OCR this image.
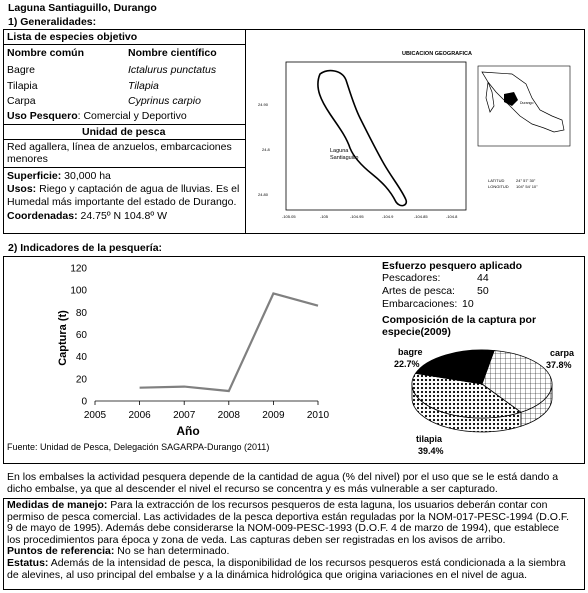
Laguna Santiaguillo, Durango
1) Generalidades:
Lista de especies objetivo
Nombre común	Nombre científico
Bagre	Ictalurus punctatus
Tilapia	Tilapia
Carpa	Cyprinus carpio
Uso Pesquero: Comercial y Deportivo
Unidad de pesca
Red agallera, línea de anzuelos, embarcaciones
menores
Superficie: 30,000 ha
Usos: Riego y captación de agua de lluvias. Es el
Humedal más importante del estado de Durango.
Coordenadas: 24.75º N 104.8º W
UBICACION GEOGRAFICA
Laguna
Santiaguillo
24.90
24.8
24.80
-105.05	-105	-104.95	-104.9	-104.85	-104.8
Durango
LATITUD	24° 57' 30"
LONGITUD 104° 54' 10"
2) Indicadores de la pesquería:
0
20
40
60
80
100
120
2005 2006 2007 2008 2009 2010
Año
Captura (t)
Fuente: Unidad de Pesca, Delegación SAGARPA-Durango (2011)
Esfuerzo pesquero aplicado
Pescadores:	44
Artes de pesca: 50
Embarcaciones: 10
Composición de la captura por
especie(2009)
carpa
37.8%
tilapia
39.4%
bagre
22.7%
En los embalses la actividad pesquera depende de la cantidad de agua (% del nivel) por el uso que se le está dando a
dicho embalse, ya que al descender el nivel el recurso se concentra y es más vulnerable a ser capturado.
Medidas de manejo: Para la extracción de los recursos pesqueros de esta laguna, los usuarios deberán contar con
permiso de pesca comercial. Las actividades de la pesca deportiva están reguladas por la NOM-017-PESC-1994 (D.O.F.
9 de mayo de 1995). Además debe considerarse la NOM-009-PESC-1993 (D.O.F. 4 de marzo de 1994), que establece
los procedimientos para época y zona de veda. Las capturas deben ser registradas en los avisos de arribo.
Puntos de referencia: No se han determinado.
Estatus: Además de la intensidad de pesca, la disponibilidad de los recursos pesqueros está condicionada a la siembra
de alevines, al uso principal del embalse y a la dinámica hidrológica que origina variaciones en el nivel de agua.
